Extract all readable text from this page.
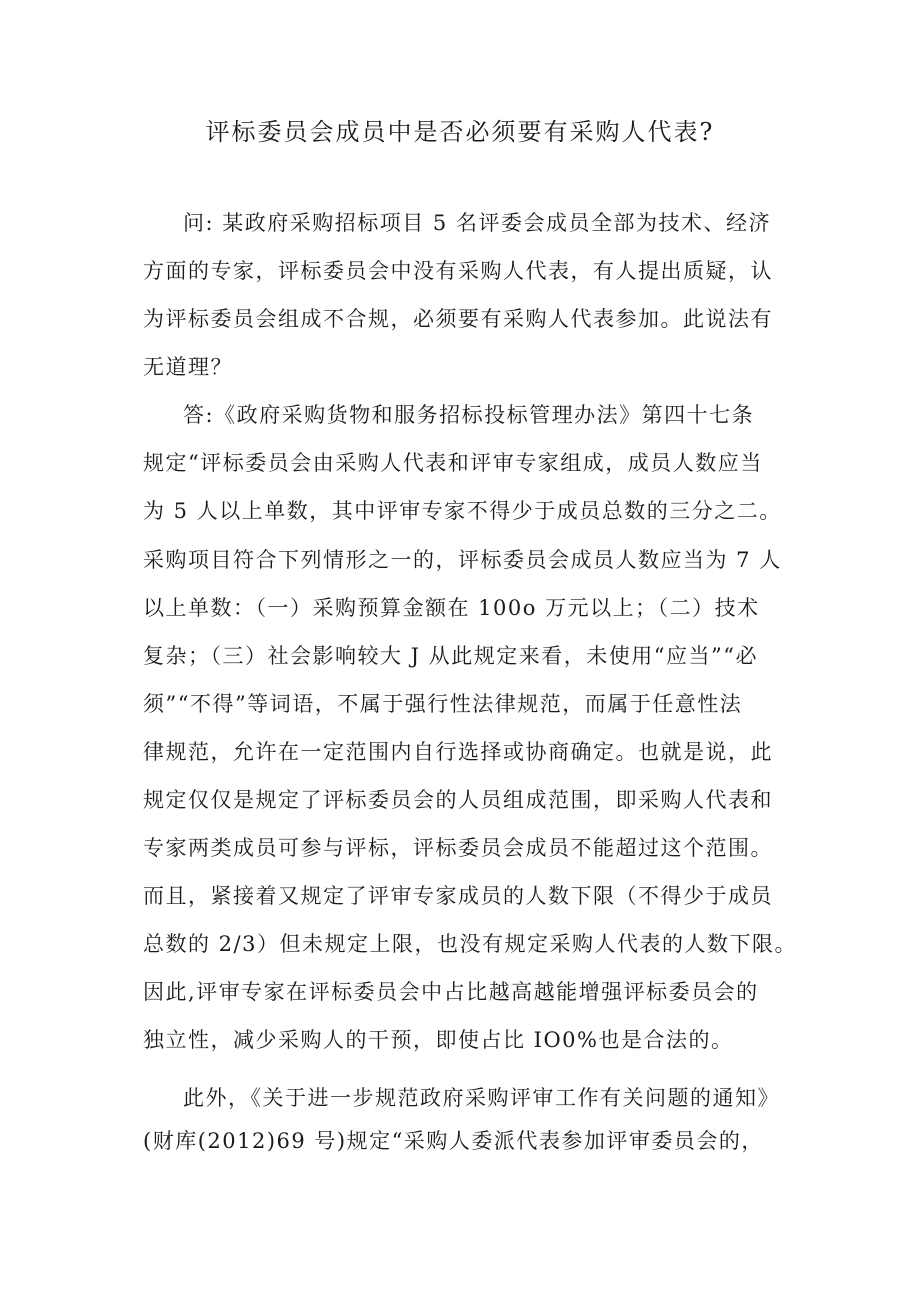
评标委员会成员中是否必须要有采购人代表?
问: 某政府采购招标项目 5 名评委会成员全部为技术、经济
方面的专家，评标委员会中没有采购人代表，有人提出质疑，认
为评标委员会组成不合规，必须要有采购人代表参加。此说法有
无道理？
答:《政府采购货物和服务招标投标管理办法》第四十七条
规定“评标委员会由采购人代表和评审专家组成，成员人数应当
为 5 人以上单数，其中评审专家不得少于成员总数的三分之二。
采购项目符合下列情形之一的，评标委员会成员人数应当为 7 人
以上单数：（一）采购预算金额在 100o 万元以上；（二）技术
复杂；（三）社会影响较大 J 从此规定来看，未使用“应当”“必
须”“不得”等词语，不属于强行性法律规范，而属于任意性法
律规范，允许在一定范围内自行选择或协商确定。也就是说，此
规定仅仅是规定了评标委员会的人员组成范围，即采购人代表和
专家两类成员可参与评标，评标委员会成员不能超过这个范围。
而且，紧接着又规定了评审专家成员的人数下限（不得少于成员
总数的 2/3）但未规定上限，也没有规定采购人代表的人数下限。
因此,评审专家在评标委员会中占比越高越能增强评标委员会的
独立性，减少采购人的干预，即使占比 IO0%也是合法的。
此外，《关于进一步规范政府采购评审工作有关问题的通知》
(财库(2012)69 号)规定“采购人委派代表参加评审委员会的，
